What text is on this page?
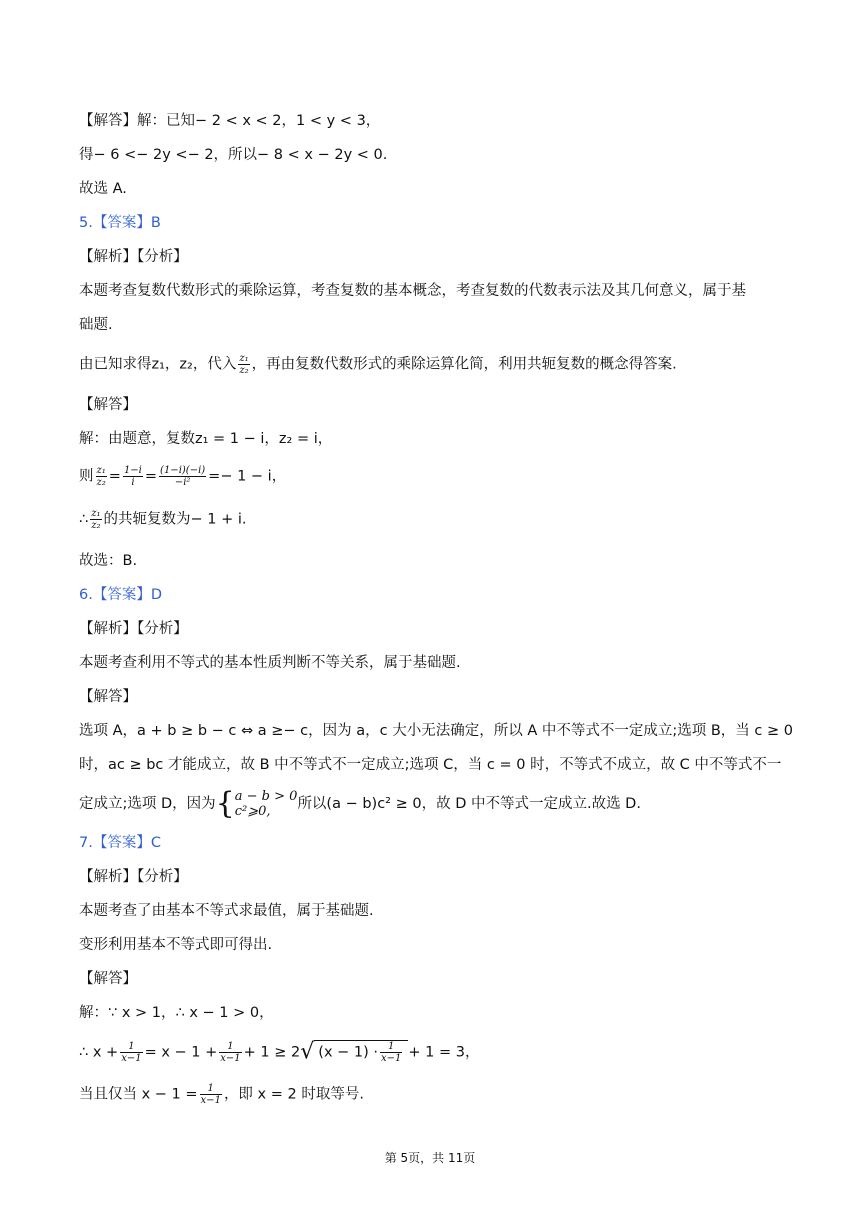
【解答】解：已知− 2 < x < 2，1 < y < 3，
得− 6 <− 2y <− 2，所以− 8 < x − 2y < 0.
故选 A.
5.【答案】B
【解析】【分析】
本题考查复数代数形式的乘除运算，考查复数的基本概念，考查复数的代数表示法及其几何意义，属于基
础题.
由已知求得z₁，z₂，代入 $\frac{\text{z₁}}{\text{z₂}}$ ，再由复数代数形式的乘除运算化简，利用共轭复数的概念得答案.
【解答】
解：由题意，复数z₁ = 1 − i，z₂ = i，
则 $\frac{\text{z₁}}{\text{z₂}} = \frac{1-i}{i} = \frac{(1-i)(-i)}{\text{−i²}} =- 1 - i$，
∴ $\frac{\text{z₁}}{\text{z₂}}$ 的共轭复数为− 1 + i.
故选：B.
6.【答案】D
【解析】【分析】
本题考查利用不等式的基本性质判断不等关系，属于基础题.
【解答】
选项 A，a + b ≥ b − c ⇔ a ≥− c，因为 a，c 大小无法确定，所以 A 中不等式不一定成立;选项 B，当 c ≥ 0
时，ac ≥ bc 才能成立，故 B 中不等式不一定成立;选项 C，当 c = 0 时，不等式不成立，故 C 中不等式不一
定成立;选项 D，因为{ a − b > 0
c²⩾0,	所以(a − b)c² ≥ 0，故 D 中不等式一定成立.故选 D.
7.【答案】C
【解析】【分析】
本题考查了由基本不等式求最值，属于基础题.
变形利用基本不等式即可得出.
【解答】
解：∵ x > 1，∴ x − 1 > 0，
∴ $x + \frac{1}{x-1} = x - 1 + \frac{1}{x-1} + 1 \ge 2√$ $(x - 1) \cdot \frac{1}{x-1} + 1 = 3$，
当且仅当 $x - 1 = \frac{1}{x-1}$ ，即 x = 2 时取等号.
第 5页，共 11页
